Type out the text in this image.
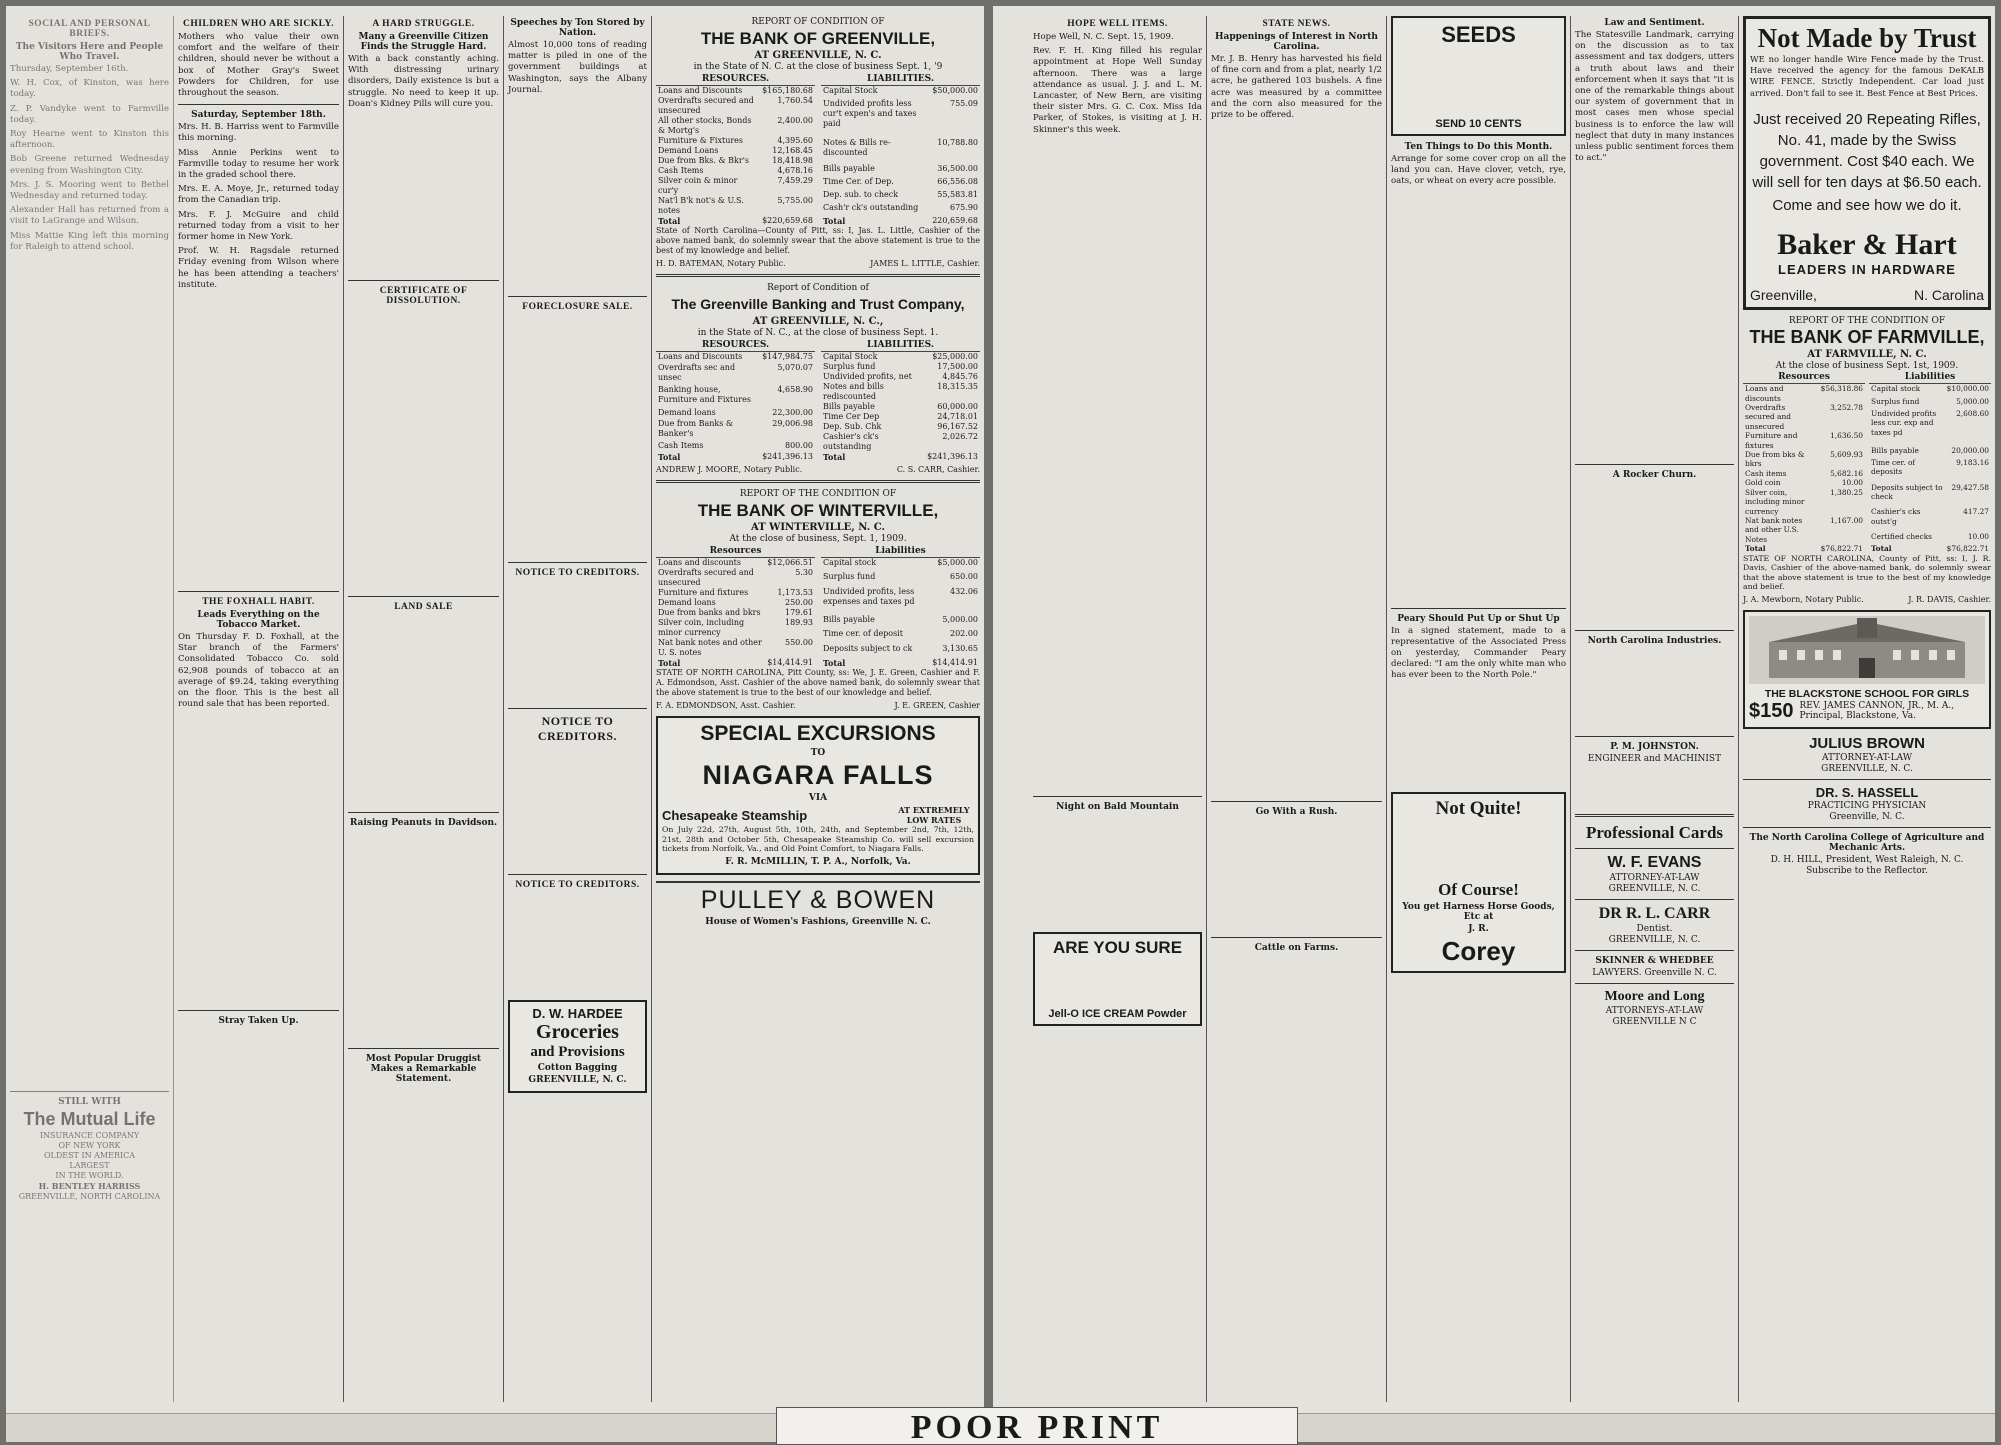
SOCIAL AND PERSONAL BRIEFS.
The Visitors Here and People Who Travel.

Thursday, September 16th.

W. H. Cox, of Kinston, was here today.

Z. P. Vandyke went to Farmville today.

Roy Hearne went to Kinston this afternoon.

Bob Greene returned Wednesday evening from Washington City.

Mrs. J. S. Mooring went to Bethel Wednesday and returned today.

Alexander Hall has returned from a visit to LaGrange and Wilson.

Miss Mattie King left this morning for Raleigh to attend school.

STILL WITH
The Mutual Life
INSURANCE COMPANY
OF NEW YORK
OLDEST IN AMERICA
LARGEST
IN THE WORLD.
H. BENTLEY HARRISS
GREENVILLE, NORTH CAROLINA
CHILDREN WHO ARE SICKLY.

Mothers who value their own comfort and the welfare of their children, should never be without a box of Mother Gray's Sweet Powders for Children, for use throughout the season.

Saturday, September 18th.

Mrs. H. B. Harriss went to Farmville this morning.

Miss Annie Perkins went to Farmville today to resume her work in the graded school there.

Mrs. E. A. Moye, Jr., returned today from the Canadian trip.

Mrs. F. J. McGuire and child returned today from a visit to her former home in New York.

Prof. W. H. Ragsdale returned Friday evening from Wilson where he has been attending a teachers' institute.

THE FOXHALL HABIT.
Leads Everything on the Tobacco Market.

On Thursday F. D. Foxhall, at the Star branch of the Farmers' Consolidated Tobacco Co. sold 62,908 pounds of tobacco at an average of $9.24, taking everything on the floor. This is the best all round sale that has been reported.

Stray Taken Up.
A HARD STRUGGLE.
Many a Greenville Citizen Finds the Struggle Hard.

With a back constantly aching. With distressing urinary disorders, Daily existence is but a struggle. No need to keep it up. Doan's Kidney Pills will cure you.

CERTIFICATE OF DISSOLUTION.
LAND SALE
Raising Peanuts in Davidson.
Most Popular Druggist Makes a Remarkable Statement.
Speeches by Ton Stored by Nation.

Almost 10,000 tons of reading matter is piled in one of the government buildings at Washington, says the Albany Journal.

FORECLOSURE SALE.
NOTICE TO CREDITORS.
NOTICE TO CREDITORS.
NOTICE TO CREDITORS.
D. W. HARDEE
Groceries
and Provisions
Cotton Bagging
GREENVILLE, N. C.
REPORT OF CONDITION OF
THE BANK OF GREENVILLE,
AT GREENVILLE, N. C.
in the State of N. C. at the close of business Sept. 1, '9
RESOURCES.	
Loans and Discounts	$165,180.68
Overdrafts secured and unsecured	1,760.54
All other stocks, Bonds & Mortg's	2,400.00
Furniture & Fixtures	4,395.60
Demand Loans	12,168.45
Due from Bks. & Bkr's	18,418.98
Cash Items	4,678.16
Silver coin & minor cur'y	7,459.29
Nat'l B'k not's & U.S. notes	5,755.00
Total	$220,659.68
LIABILITIES.	
Capital Stock	$50,000.00
Undivided profits less cur't expen's and taxes paid	755.09
Notes & Bills re-discounted	10,788.80
Bills payable	36,500.00
Time Cer. of Dep.	66,556.08
Dep. sub. to check	55,583.81
Cash'r ck's outstanding	675.90
Total	220,659.68

State of North Carolina—County of Pitt, ss: I, Jas. L. Little, Cashier of the above named bank, do solemnly swear that the above statement is true to the best of my knowledge and belief.

H. D. BATEMAN, Notary Public.	JAMES L. LITTLE, Cashier.
Report of Condition of
The Greenville Banking and Trust Company,
AT GREENVILLE, N. C.,
in the State of N. C., at the close of business Sept. 1.
RESOURCES.	
Loans and Discounts	$147,984.75
Overdrafts sec and unsec	5,070.07
Banking house, Furniture and Fixtures	4,658.90
Demand loans	22,300.00
Due from Banks & Banker's	29,006.98
Cash Items	800.00
Total	$241,396.13
LIABILITIES.	
Capital Stock	$25,000.00
Surplus fund	17,500.00
Undivided profits, net	4,845.76
Notes and bills rediscounted	18,315.35
Bills payable	60,000.00
Time Cer Dep	24,718.01
Dep. Sub. Chk	96,167.52
Cashier's ck's outstanding	2,026.72
Total	$241,396.13
ANDREW J. MOORE, Notary Public.	C. S. CARR, Cashier.
REPORT OF THE CONDITION OF
THE BANK OF WINTERVILLE,
AT WINTERVILLE, N. C.
At the close of business, Sept. 1, 1909.
Resources	
Loans and discounts	$12,066.51
Overdrafts secured and unsecured	5.30
Furniture and fixtures	1,173.53
Demand loans	250.00
Due from banks and bkrs	179.61
Silver coin, including minor currency	189.93
Nat bank notes and other U. S. notes	550.00
Total	$14,414.91
Liabilities	
Capital stock	$5,000.00
Surplus fund	650.00
Undivided profits, less expenses and taxes pd	432.06
Bills payable	5,000.00
Time cer. of deposit	202.00
Deposits subject to ck	3,130.65
Total	$14,414.91

STATE OF NORTH CAROLINA, Pitt County, ss: We, J. E. Green, Cashier and F. A. Edmondson, Asst. Cashier of the above named bank, do solemnly swear that the above statement is true to the best of our knowledge and belief.

F. A. EDMONDSON, Asst. Cashier.	J. E. GREEN, Cashier
SPECIAL EXCURSIONS
TO
NIAGARA FALLS
VIA
Chesapeake Steamship	AT EXTREMELY LOW RATES

On July 22d, 27th, August 5th, 10th, 24th, and September 2nd, 7th, 12th, 21st, 28th and October 5th, Chesapeake Steamship Co. will sell excursion tickets from Norfolk, Va., and Old Point Comfort, to Niagara Falls.

F. R. McMILLIN, T. P. A., Norfolk, Va.
PULLEY & BOWEN
House of Women's Fashions, Greenville N. C.
HOPE WELL ITEMS.

Hope Well, N. C. Sept. 15, 1909.

Rev. F. H. King filled his regular appointment at Hope Well Sunday afternoon. There was a large attendance as usual. J. J. and L. M. Lancaster, of New Bern, are visiting their sister Mrs. G. C. Cox. Miss Ida Parker, of Stokes, is visiting at J. H. Skinner's this week.

Night on Bald Mountain
ARE YOU SURE
Jell-O ICE CREAM Powder
STATE NEWS.
Happenings of Interest in North Carolina.

Mr. J. B. Henry has harvested his field of fine corn and from a plat, nearly 1/2 acre, he gathered 103 bushels. A fine acre was measured by a committee and the corn also measured for the prize to be offered.

Go With a Rush.
Cattle on Farms.
SEEDS
SEND 10 CENTS
Ten Things to Do this Month.

Arrange for some cover crop on all the land you can. Have clover, vetch, rye, oats, or wheat on every acre possible.

Peary Should Put Up or Shut Up

In a signed statement, made to a representative of the Associated Press on yesterday, Commander Peary declared: "I am the only white man who has ever been to the North Pole."

Not Quite!
Of Course!
You get Harness Horse Goods, Etc at
J. R.
Corey
Law and Sentiment.

The Statesville Landmark, carrying on the discussion as to tax assessment and tax dodgers, utters a truth about laws and their enforcement when it says that "it is one of the remarkable things about our system of government that in most cases men whose special business is to enforce the law will neglect that duty in many instances unless public sentiment forces them to act."

A Rocker Churn.
North Carolina Industries.
P. M. JOHNSTON.
ENGINEER and MACHINIST
Professional Cards
W. F. EVANS
ATTORNEY-AT-LAW
GREENVILLE, N. C.
DR R. L. CARR
Dentist.
GREENVILLE, N. C.
SKINNER & WHEDBEE
LAWYERS. Greenville N. C.
Moore and Long
ATTORNEYS-AT-LAW
GREENVILLE N C
Not Made by Trust

WE no longer handle Wire Fence made by the Trust. Have received the agency for the famous DeKALB WIRE FENCE. Strictly Independent. Car load just arrived. Don't fail to see it. Best Fence at Best Prices.

Just received 20 Repeating Rifles, No. 41, made by the Swiss government. Cost $40 each. We will sell for ten days at $6.50 each.

Come and see how we do it.

Baker & Hart
LEADERS IN HARDWARE
Greenville,	N. Carolina
REPORT OF THE CONDITION OF
THE BANK OF FARMVILLE,
AT FARMVILLE, N. C.
At the close of business Sept. 1st, 1909.
Resources	
Loans and discounts	$56,318.86
Overdrafts secured and unsecured	3,252.78
Furniture and fixtures	1,636.50
Due from bks & bkrs	5,609.93
Cash items	5,682.16
Gold coin	10.00
Silver coin, including minor currency	1,380.25
Nat bank notes and other U.S. Notes	1,167.00
Total	$76,822.71
Liabilities	
Capital stock	$10,000.00
Surplus fund	5,000.00
Undivided profits less cur. exp and taxes pd	2,608.60
Bills payable	20,000.00
Time cer. of deposits	9,183.16
Deposits subject to check	29,427.58
Cashier's cks outst'g	417.27
Certified checks	10.00
Total	$76,822.71

STATE OF NORTH CAROLINA, County of Pitt, ss: I, J. R. Davis, Cashier of the above-named bank, do solemnly swear that the above statement is true to the best of my knowledge and belief.

J. A. Mewborn, Notary Public.	J. R. DAVIS, Cashier.
THE BLACKSTONE SCHOOL FOR GIRLS
$150 REV. JAMES CANNON, JR., M. A., Principal, Blackstone, Va.
JULIUS BROWN
ATTORNEY-AT-LAW
GREENVILLE, N. C.
DR. S. HASSELL
PRACTICING PHYSICIAN
Greenville, N. C.
The North Carolina College of Agriculture and Mechanic Arts.
D. H. HILL, President, West Raleigh, N. C.
Subscribe to the Reflector.
POOR PRINT
